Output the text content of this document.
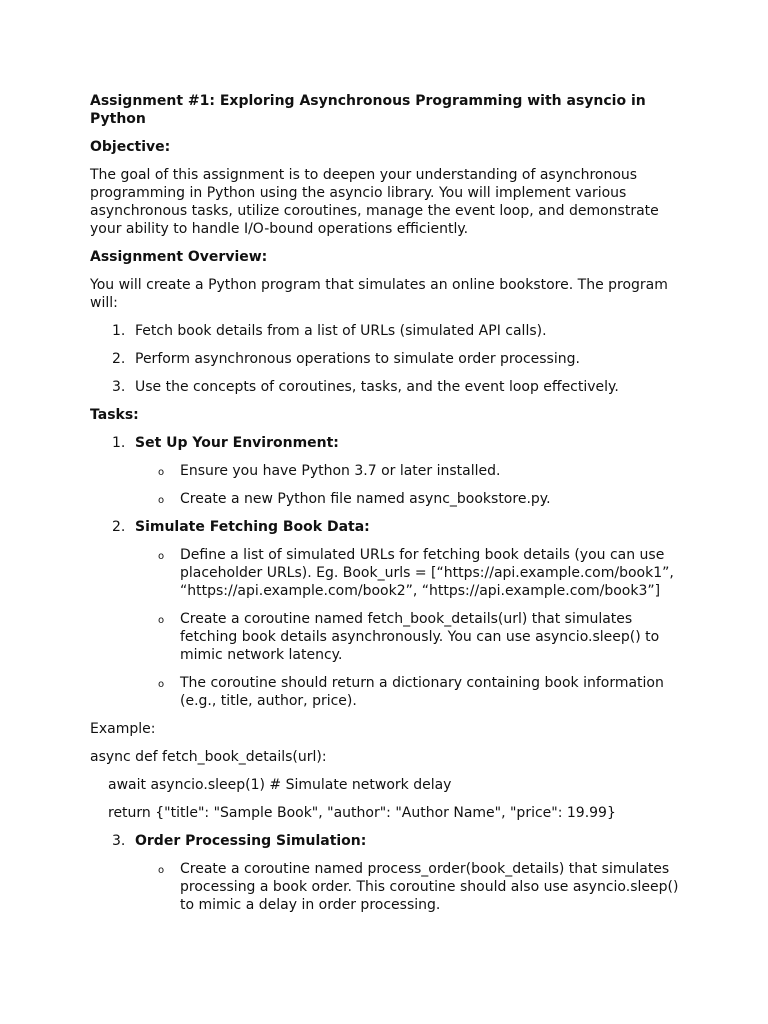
Assignment #1: Exploring Asynchronous Programming with asyncio in Python
Objective:
The goal of this assignment is to deepen your understanding of asynchronous programming in Python using the asyncio library. You will implement various asynchronous tasks, utilize coroutines, manage the event loop, and demonstrate your ability to handle I/O-bound operations efficiently.
Assignment Overview:
You will create a Python program that simulates an online bookstore. The program will:
1. Fetch book details from a list of URLs (simulated API calls).
2. Perform asynchronous operations to simulate order processing.
3. Use the concepts of coroutines, tasks, and the event loop effectively.
Tasks:
1. Set Up Your Environment:
o Ensure you have Python 3.7 or later installed.
o Create a new Python file named async_bookstore.py.
2. Simulate Fetching Book Data:
o Define a list of simulated URLs for fetching book details (you can use placeholder URLs). Eg. Book_urls = [“https://api.example.com/book1”, “https://api.example.com/book2”, “https://api.example.com/book3”]
o Create a coroutine named fetch_book_details(url) that simulates fetching book details asynchronously. You can use asyncio.sleep() to mimic network latency.
o The coroutine should return a dictionary containing book information (e.g., title, author, price).
Example:
async def fetch_book_details(url):
await asyncio.sleep(1) # Simulate network delay
return {"title": "Sample Book", "author": "Author Name", "price": 19.99}
3. Order Processing Simulation:
o Create a coroutine named process_order(book_details) that simulates processing a book order. This coroutine should also use asyncio.sleep() to mimic a delay in order processing.
